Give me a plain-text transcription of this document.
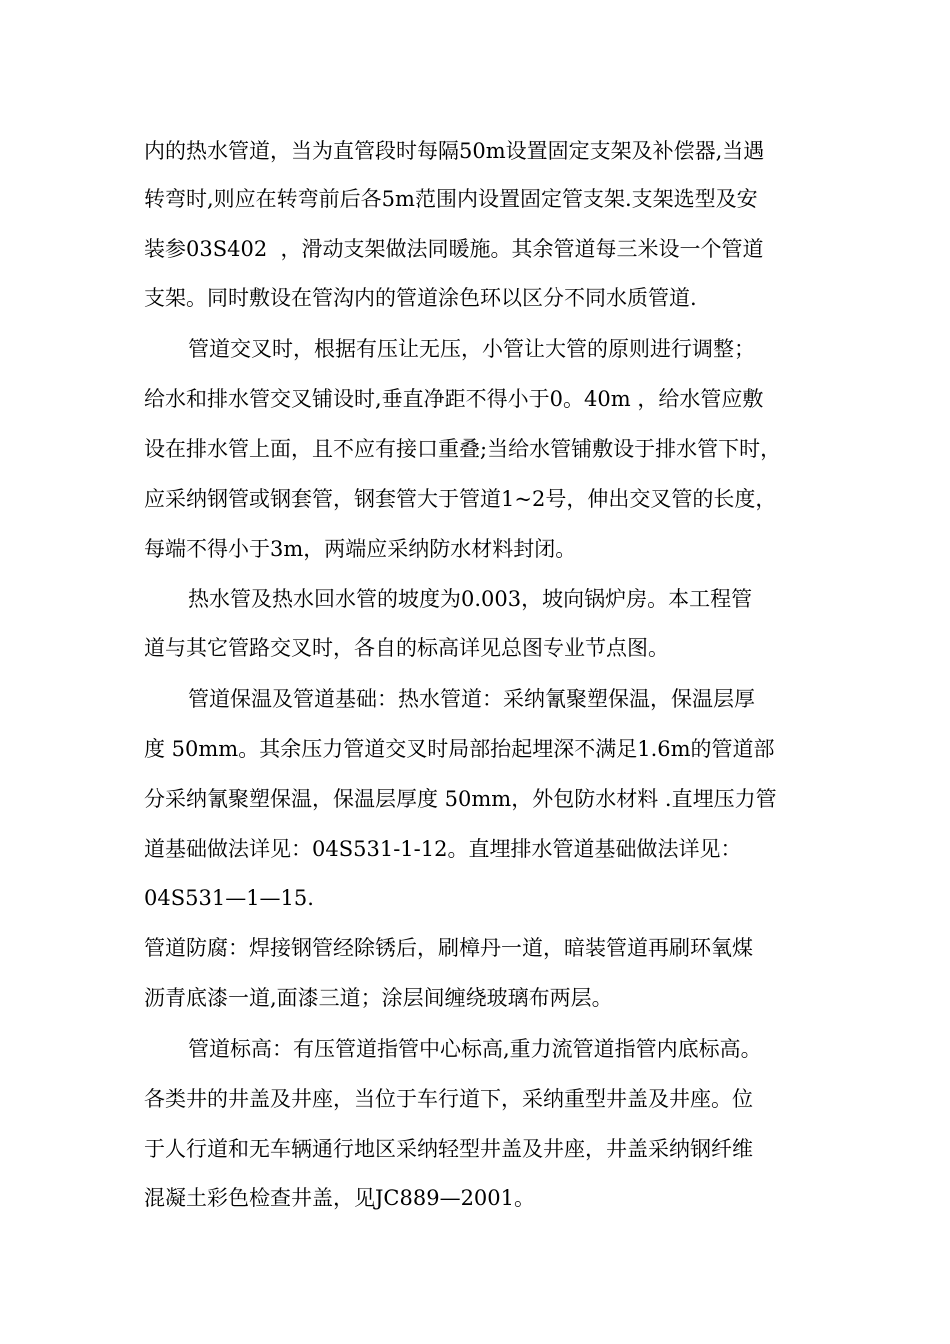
内的热水管道，当为直管段时每隔50m设置固定支架及补偿器,当遇
转弯时,则应在转弯前后各5m范围内设置固定管支架.支架选型及安
装参03S402  ，滑动支架做法同暖施。其余管道每三米设一个管道
支架。同时敷设在管沟内的管道涂色环以区分不同水质管道.
管道交叉时，根据有压让无压，小管让大管的原则进行调整；
给水和排水管交叉铺设时,垂直净距不得小于0。40m ，给水管应敷
设在排水管上面，且不应有接口重叠;当给水管铺敷设于排水管下时，
应采纳钢管或钢套管，钢套管大于管道1~2号，伸出交叉管的长度，
每端不得小于3m，两端应采纳防水材料封闭。
热水管及热水回水管的坡度为0.003，坡向锅炉房。本工程管
道与其它管路交叉时，各自的标高详见总图专业节点图。
管道保温及管道基础：热水管道：采纳氰聚塑保温，保温层厚
度 50mm。其余压力管道交叉时局部抬起埋深不满足1.6m的管道部
分采纳氰聚塑保温，保温层厚度 50mm，外包防水材料 .直埋压力管
道基础做法详见：04S531-1-12。直埋排水管道基础做法详见：
04S531—1—15.
管道防腐：焊接钢管经除锈后，刷樟丹一道，暗装管道再刷环氧煤
沥青底漆一道,面漆三道；涂层间缠绕玻璃布两层。
管道标高：有压管道指管中心标高,重力流管道指管内底标高。
各类井的井盖及井座，当位于车行道下，采纳重型井盖及井座。位
于人行道和无车辆通行地区采纳轻型井盖及井座，井盖采纳钢纤维
混凝土彩色检查井盖，见JC889—2001。
